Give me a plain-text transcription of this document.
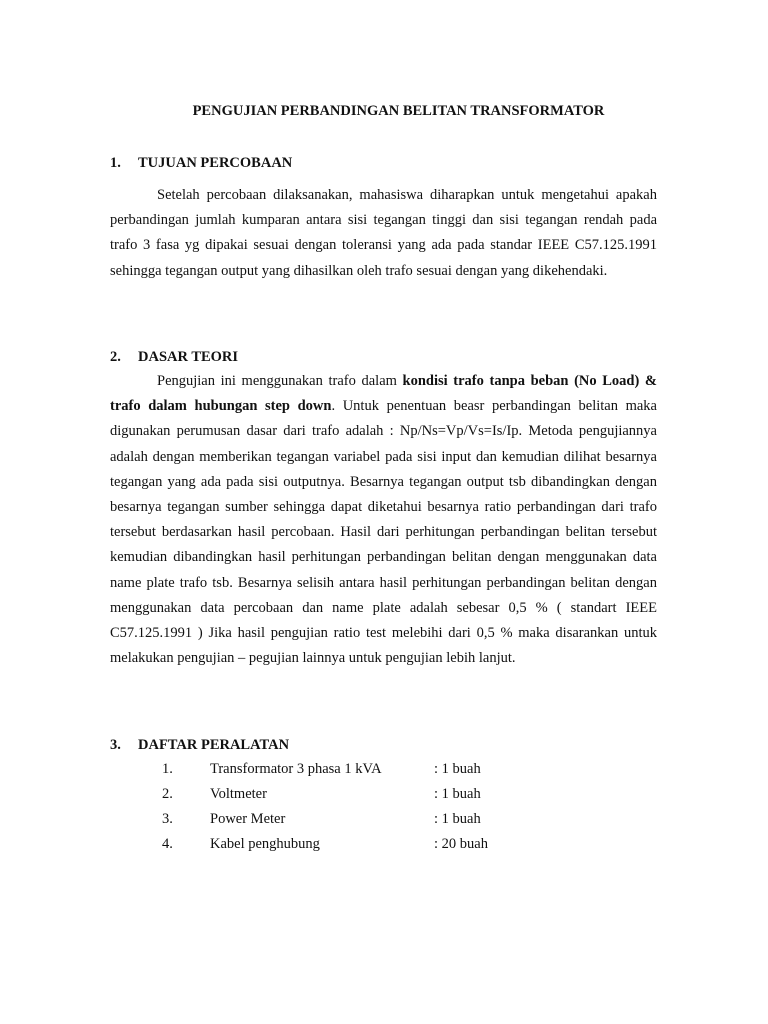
PENGUJIAN PERBANDINGAN BELITAN TRANSFORMATOR
1. TUJUAN PERCOBAAN

Setelah percobaan dilaksanakan, mahasiswa diharapkan untuk mengetahui apakah perbandingan jumlah kumparan antara sisi tegangan tinggi dan sisi tegangan rendah pada trafo 3 fasa yg dipakai sesuai dengan toleransi yang ada pada standar IEEE C57.125.1991 sehingga tegangan output yang dihasilkan oleh trafo sesuai dengan yang dikehendaki.

2. DASAR TEORI

Pengujian ini menggunakan trafo dalam kondisi trafo tanpa beban (No Load) & trafo dalam hubungan step down. Untuk penentuan beasr perbandingan belitan maka digunakan perumusan dasar dari trafo adalah : Np/Ns=Vp/Vs=Is/Ip. Metoda pengujiannya adalah dengan memberikan tegangan variabel pada sisi input dan kemudian dilihat besarnya tegangan yang ada pada sisi outputnya. Besarnya tegangan output tsb dibandingkan dengan besarnya tegangan sumber sehingga dapat diketahui besarnya ratio perbandingan dari trafo tersebut berdasarkan hasil percobaan. Hasil dari perhitungan perbandingan belitan tersebut kemudian dibandingkan hasil perhitungan perbandingan belitan dengan menggunakan data name plate trafo tsb. Besarnya selisih antara hasil perhitungan perbandingan belitan dengan menggunakan data percobaan dan name plate adalah sebesar 0,5 % ( standart IEEE C57.125.1991 ) Jika hasil pengujian ratio test melebihi dari 0,5 % maka disarankan untuk melakukan pengujian – pegujian lainnya untuk pengujian lebih lanjut.

3. DAFTAR PERALATAN
1.	Transformator 3 phasa 1 kVA	: 1 buah
2.	Voltmeter	: 1 buah
3.	Power Meter	: 1 buah
4.	Kabel penghubung	: 20 buah
